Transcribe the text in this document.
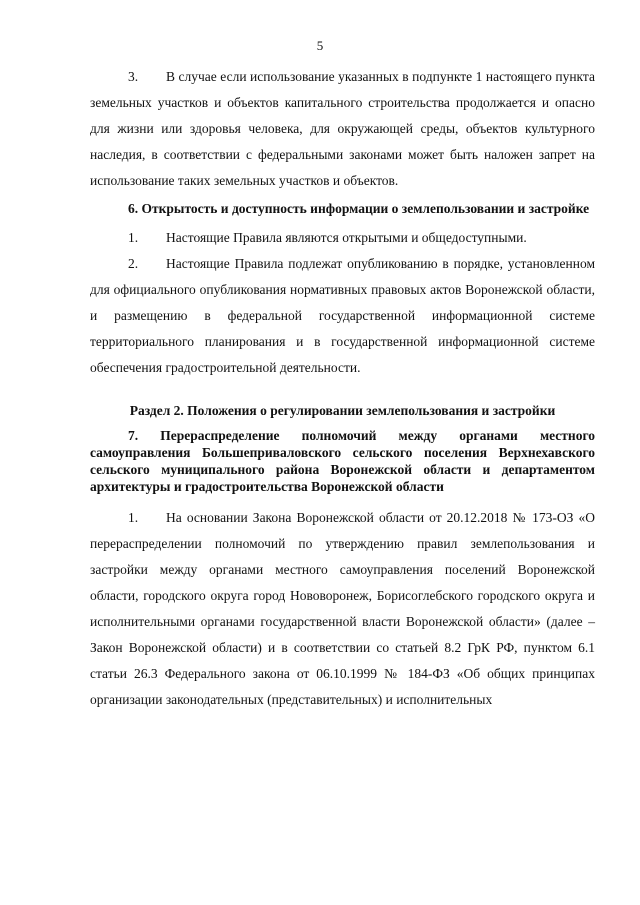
5

3. В случае если использование указанных в подпункте 1 настоящего пункта земельных участков и объектов капитального строительства продолжается и опасно для жизни или здоровья человека, для окружающей среды, объектов культурного наследия, в соответствии с федеральными законами может быть наложен запрет на использование таких земельных участков и объектов.

6. Открытость и доступность информации о землепользовании и застройке

1. Настоящие Правила являются открытыми и общедоступными.

2. Настоящие Правила подлежат опубликованию в порядке, установленном для официального опубликования нормативных правовых актов Воронежской области, и размещению в федеральной государственной информационной системе территориального планирования и в государственной информационной системе обеспечения градостроительной деятельности.

Раздел 2. Положения о регулировании землепользования и застройки

7. Перераспределение полномочий между органами местного самоуправления Большеприваловского сельского поселения Верхнехавского сельского муниципального района Воронежской области и департаментом архитектуры и градостроительства Воронежской области

1. На основании Закона Воронежской области от 20.12.2018 № 173-ОЗ «О перераспределении полномочий по утверждению правил землепользования и застройки между органами местного самоуправления поселений Воронежской области, городского округа город Нововоронеж, Борисоглебского городского округа и исполнительными органами государственной власти Воронежской области» (далее – Закон Воронежской области) и в соответствии со статьей 8.2 ГрК РФ, пунктом 6.1 статьи 26.3 Федерального закона от 06.10.1999 № 184-ФЗ «Об общих принципах организации законодательных (представительных) и исполнительных
